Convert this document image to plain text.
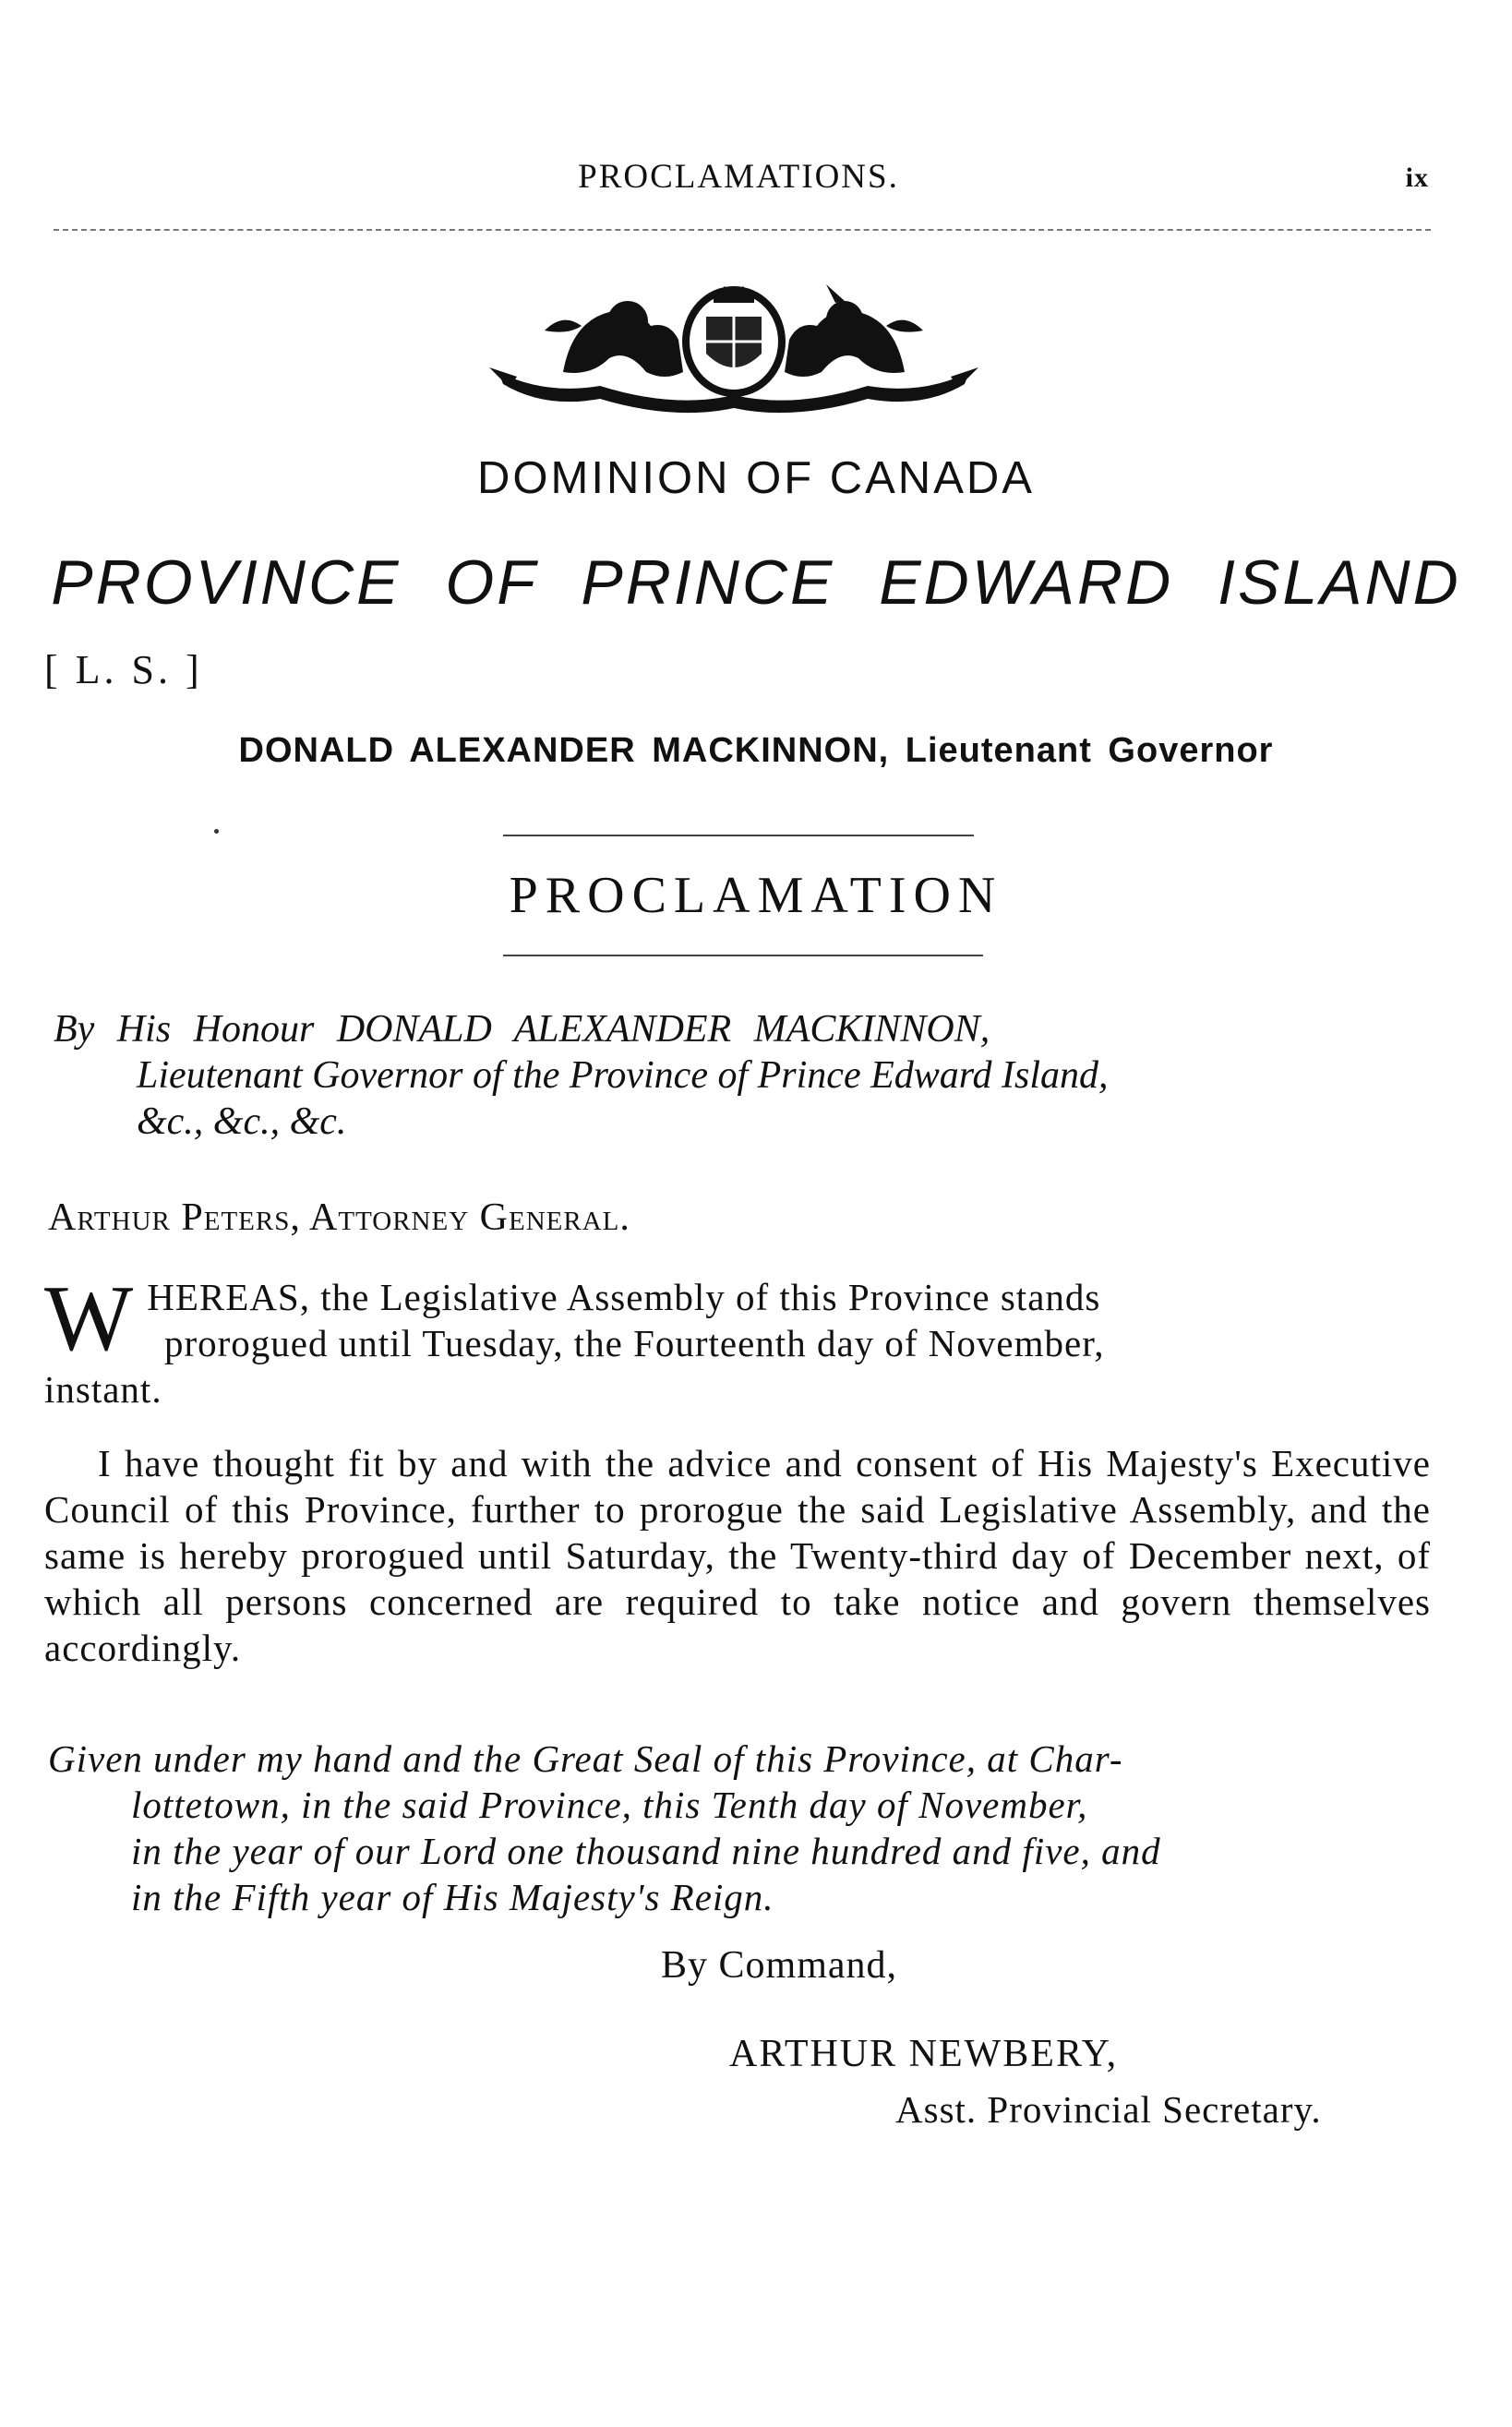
PROCLAMATIONS.	ix
DOMINION OF CANADA
PROVINCE OF PRINCE EDWARD ISLAND
[ L. S. ]
DONALD ALEXANDER MACKINNON, Lieutenant Governor
PROCLAMATION
By His Honour DONALD ALEXANDER MACKINNON,
Lieutenant Governor of the Province of Prince Edward Island,
&c., &c., &c.
Arthur Peters, Attorney General.
W HEREAS, the Legislative Assembly of this Province stands
prorogued until Tuesday, the Fourteenth day of November,
instant.
I have thought fit by and with the advice and consent of His Majesty's Executive Council of this Province, further to prorogue the said Legislative Assembly, and the same is hereby prorogued until Saturday, the Twenty-third day of December next, of which all persons concerned are required to take notice and govern themselves accordingly.
Given under my hand and the Great Seal of this Province, at Char-
lottetown, in the said Province, this Tenth day of November,
in the year of our Lord one thousand nine hundred and five, and
in the Fifth year of His Majesty's Reign.
By Command,
ARTHUR NEWBERY,
Asst. Provincial Secretary.
